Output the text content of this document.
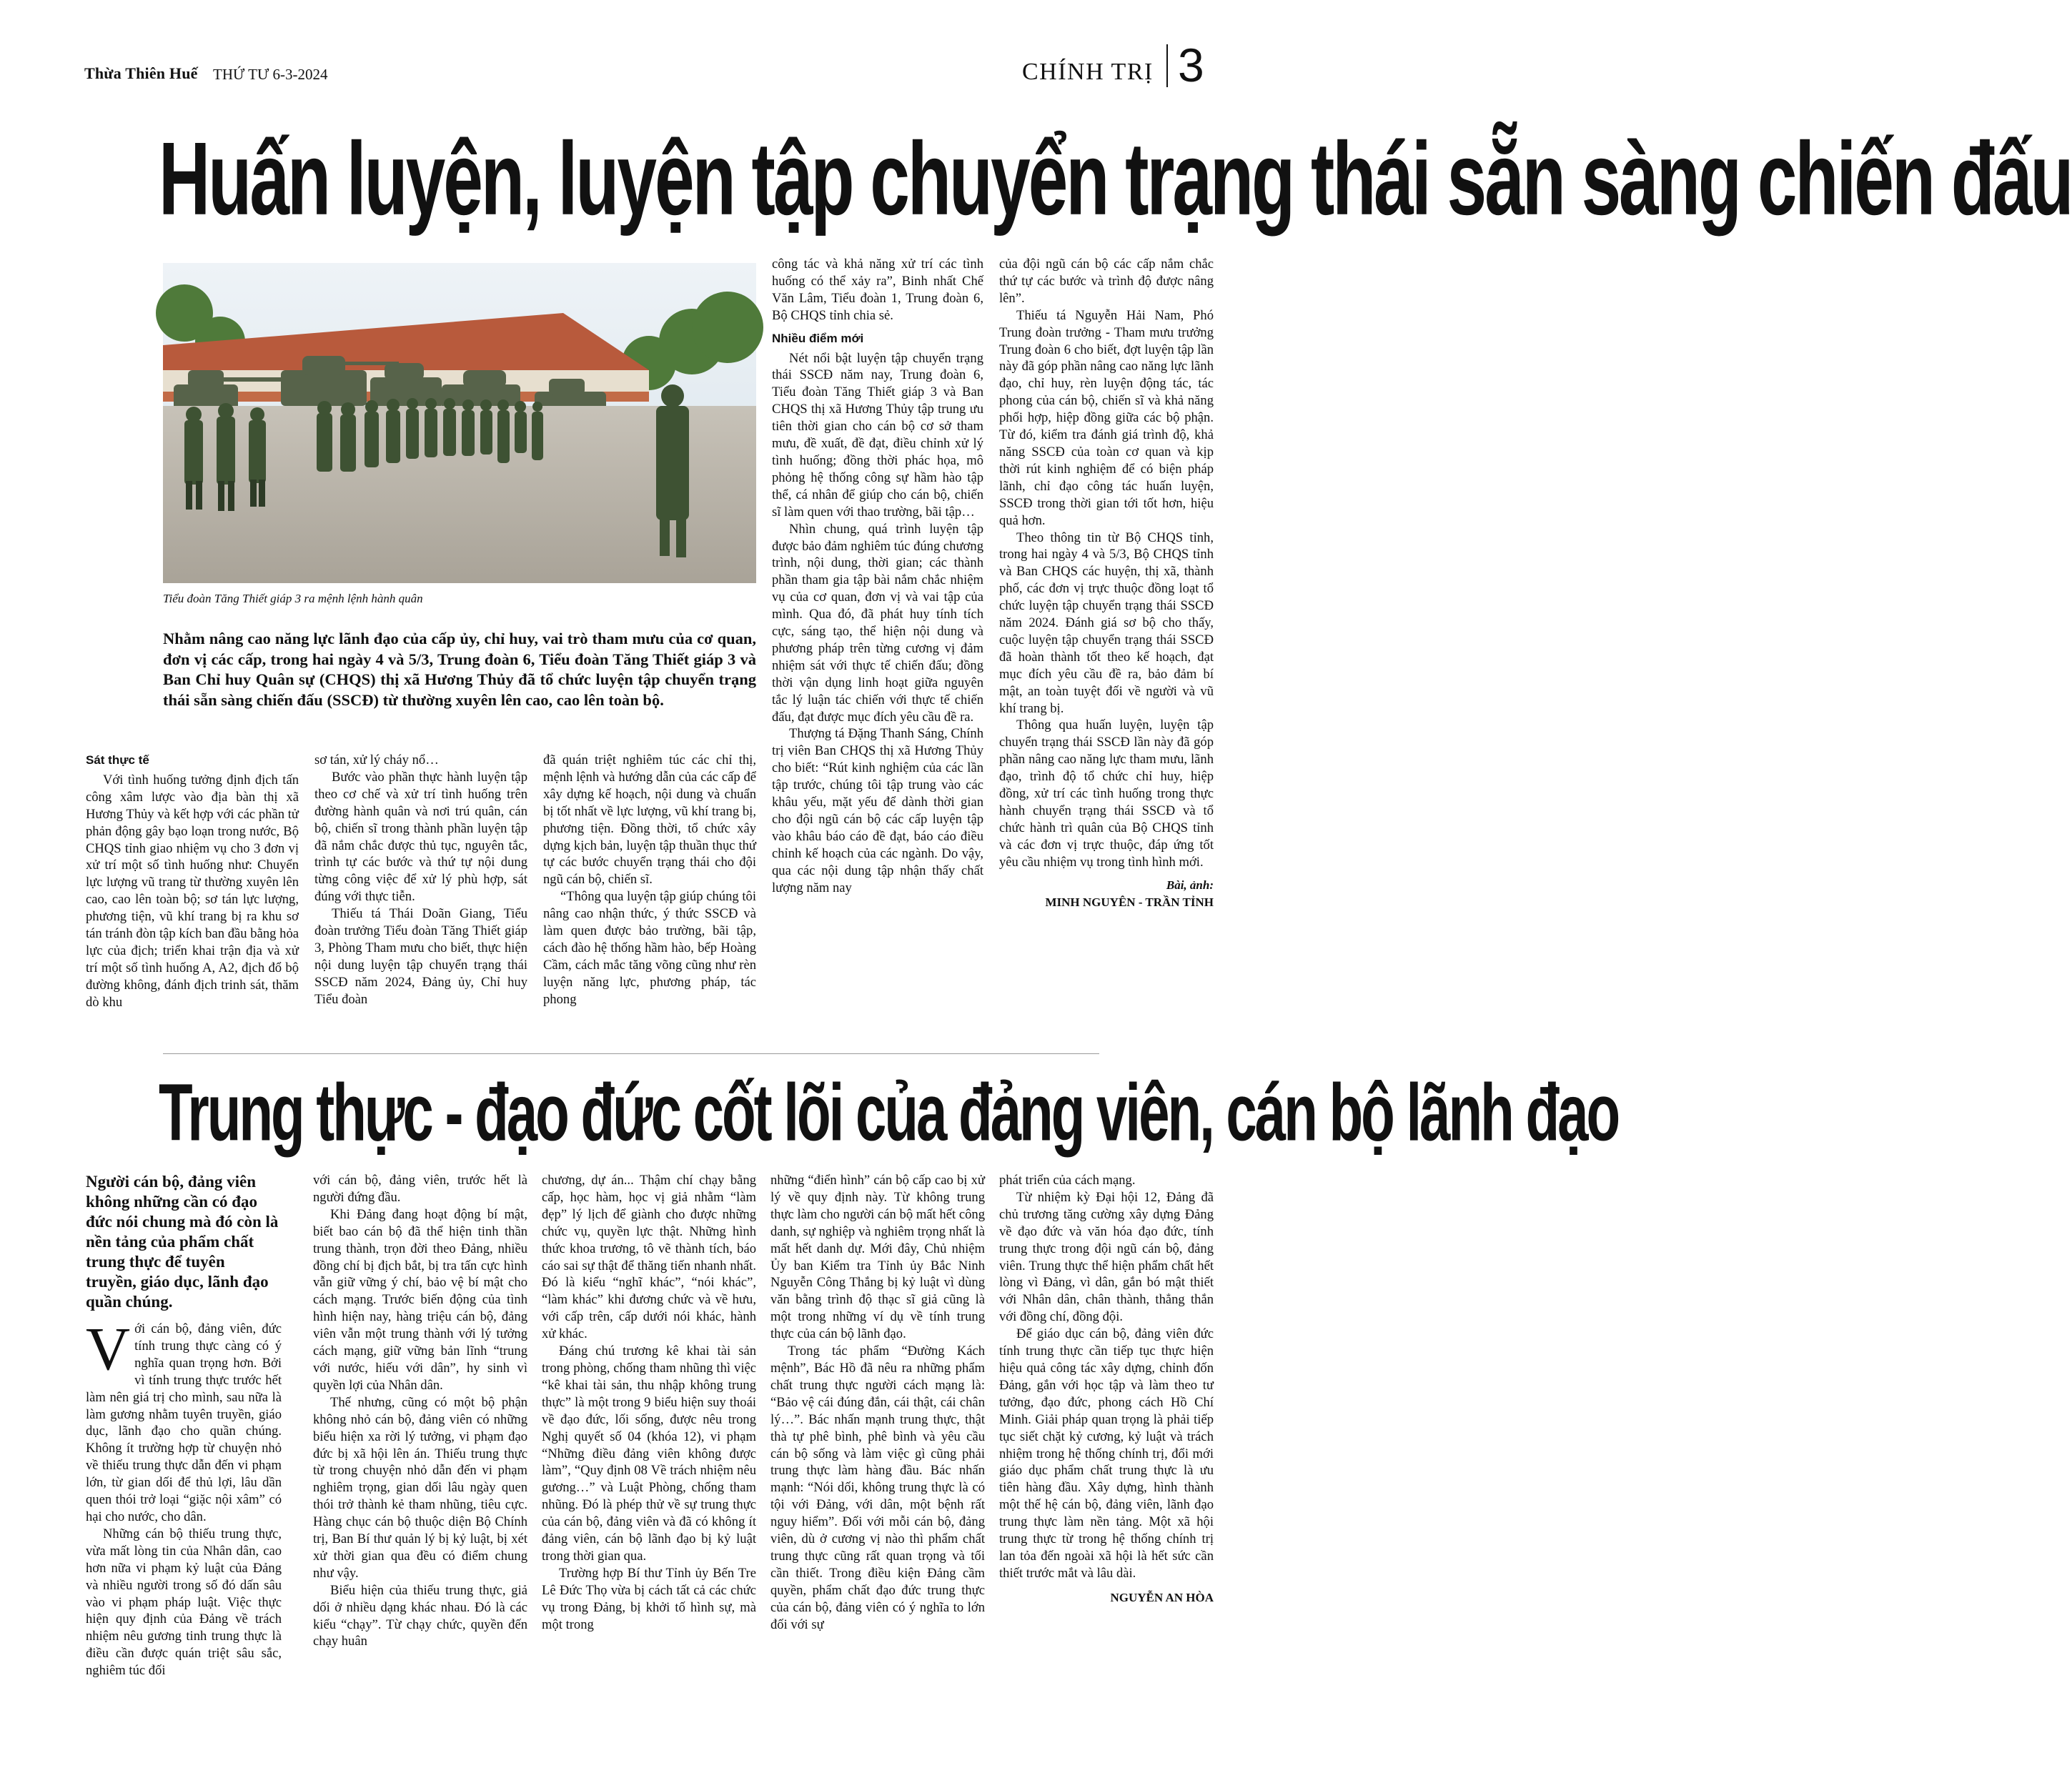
Thừa Thiên Huế THỨ TƯ 6-3-2024	CHÍNH TRỊ 3
Huấn luyện, luyện tập chuyển trạng thái sẵn sàng chiến đấu
Tiểu đoàn Tăng Thiết giáp 3 ra mệnh lệnh hành quân
Nhằm nâng cao năng lực lãnh đạo của cấp ủy, chỉ huy, vai trò tham mưu của cơ quan, đơn vị các cấp, trong hai ngày 4 và 5/3, Trung đoàn 6, Tiểu đoàn Tăng Thiết giáp 3 và Ban Chỉ huy Quân sự (CHQS) thị xã Hương Thủy đã tổ chức luyện tập chuyển trạng thái sẵn sàng chiến đấu (SSCĐ) từ thường xuyên lên cao, cao lên toàn bộ.
Sát thực tế

Với tình huống tưởng định địch tấn công xâm lược vào địa bàn thị xã Hương Thủy và kết hợp với các phần tử phản động gây bạo loạn trong nước, Bộ CHQS tỉnh giao nhiệm vụ cho 3 đơn vị xử trí một số tình huống như: Chuyển lực lượng vũ trang từ thường xuyên lên cao, cao lên toàn bộ; sơ tán lực lượng, phương tiện, vũ khí trang bị ra khu sơ tán tránh đòn tập kích ban đầu bằng hỏa lực của địch; triển khai trận địa và xử trí một số tình huống A, A2, địch đổ bộ đường không, đánh địch trinh sát, thăm dò khu

sơ tán, xử lý cháy nổ…

Bước vào phần thực hành luyện tập theo cơ chế và xử trí tình huống trên đường hành quân và nơi trú quân, cán bộ, chiến sĩ trong thành phần luyện tập đã nắm chắc được thủ tục, nguyên tắc, trình tự các bước và thứ tự nội dung từng công việc để xử lý phù hợp, sát đúng với thực tiễn.

Thiếu tá Thái Doãn Giang, Tiểu đoàn trưởng Tiểu đoàn Tăng Thiết giáp 3, Phòng Tham mưu cho biết, thực hiện nội dung luyện tập chuyển trạng thái SSCĐ năm 2024, Đảng ủy, Chỉ huy Tiểu đoàn

đã quán triệt nghiêm túc các chỉ thị, mệnh lệnh và hướng dẫn của các cấp để xây dựng kế hoạch, nội dung và chuẩn bị tốt nhất về lực lượng, vũ khí trang bị, phương tiện. Đồng thời, tổ chức xây dựng kịch bản, luyện tập thuần thục thứ tự các bước chuyển trạng thái cho đội ngũ cán bộ, chiến sĩ.

“Thông qua luyện tập giúp chúng tôi nâng cao nhận thức, ý thức SSCĐ và làm quen được bảo trường, bãi tập, cách đào hệ thống hầm hào, bếp Hoàng Cầm, cách mắc tăng võng cũng như rèn luyện năng lực, phương pháp, tác phong

công tác và khả năng xử trí các tình huống có thể xảy ra”, Binh nhất Chế Văn Lâm, Tiểu đoàn 1, Trung đoàn 6, Bộ CHQS tỉnh chia sẻ.

Nhiều điểm mới

Nét nổi bật luyện tập chuyển trạng thái SSCĐ năm nay, Trung đoàn 6, Tiểu đoàn Tăng Thiết giáp 3 và Ban CHQS thị xã Hương Thủy tập trung ưu tiên thời gian cho cán bộ cơ sở tham mưu, đề xuất, đề đạt, điều chỉnh xử lý tình huống; đồng thời phác họa, mô phỏng hệ thống công sự hầm hào tập thể, cá nhân để giúp cho cán bộ, chiến sĩ làm quen với thao trường, bãi tập…

Nhìn chung, quá trình luyện tập được bảo đảm nghiêm túc đúng chương trình, nội dung, thời gian; các thành phần tham gia tập bài nắm chắc nhiệm vụ của cơ quan, đơn vị và vai tập của mình. Qua đó, đã phát huy tính tích cực, sáng tạo, thể hiện nội dung và phương pháp trên từng cương vị đảm nhiệm sát với thực tế chiến đấu; đồng thời vận dụng linh hoạt giữa nguyên tắc lý luận tác chiến với thực tế chiến đấu, đạt được mục đích yêu cầu đề ra.

Thượng tá Đặng Thanh Sáng, Chính trị viên Ban CHQS thị xã Hương Thủy cho biết: “Rút kinh nghiệm của các lần tập trước, chúng tôi tập trung vào các khâu yếu, mặt yếu để dành thời gian cho đội ngũ cán bộ các cấp luyện tập vào khâu báo cáo đề đạt, báo cáo điều chỉnh kế hoạch của các ngành. Do vậy, qua các nội dung tập nhận thấy chất lượng năm nay

của đội ngũ cán bộ các cấp nắm chắc thứ tự các bước và trình độ được nâng lên”.

Thiếu tá Nguyễn Hải Nam, Phó Trung đoàn trưởng - Tham mưu trưởng Trung đoàn 6 cho biết, đợt luyện tập lần này đã góp phần nâng cao năng lực lãnh đạo, chỉ huy, rèn luyện động tác, tác phong của cán bộ, chiến sĩ và khả năng phối hợp, hiệp đồng giữa các bộ phận. Từ đó, kiểm tra đánh giá trình độ, khả năng SSCĐ của toàn cơ quan và kịp thời rút kinh nghiệm để có biện pháp lãnh, chỉ đạo công tác huấn luyện, SSCĐ trong thời gian tới tốt hơn, hiệu quả hơn.

Theo thông tin từ Bộ CHQS tỉnh, trong hai ngày 4 và 5/3, Bộ CHQS tỉnh và Ban CHQS các huyện, thị xã, thành phố, các đơn vị trực thuộc đồng loạt tổ chức luyện tập chuyển trạng thái SSCĐ năm 2024. Đánh giá sơ bộ cho thấy, cuộc luyện tập chuyển trạng thái SSCĐ đã hoàn thành tốt theo kế hoạch, đạt mục đích yêu cầu đề ra, bảo đảm bí mật, an toàn tuyệt đối về người và vũ khí trang bị.

Thông qua huấn luyện, luyện tập chuyển trạng thái SSCĐ lần này đã góp phần nâng cao năng lực tham mưu, lãnh đạo, trình độ tổ chức chỉ huy, hiệp đồng, xử trí các tình huống trong thực hành chuyển trạng thái SSCĐ và tổ chức hành trì quân của Bộ CHQS tỉnh và các đơn vị trực thuộc, đáp ứng tốt yêu cầu nhiệm vụ trong tình hình mới.

Bài, ảnh:
MINH NGUYÊN - TRẦN TỈNH
Trung thực - đạo đức cốt lõi của đảng viên, cán bộ lãnh đạo
Người cán bộ, đảng viên không những cần có đạo đức nói chung mà đó còn là nền tảng của phẩm chất trung thực để tuyên truyền, giáo dục, lãnh đạo quần chúng.

Với cán bộ, đảng viên, đức tính trung thực càng có ý nghĩa quan trọng hơn. Bởi vì tính trung thực trước hết làm nên giá trị cho mình, sau nữa là làm gương nhằm tuyên truyền, giáo dục, lãnh đạo cho quần chúng. Không ít trường hợp từ chuyện nhỏ về thiếu trung thực dẫn đến vi phạm lớn, từ gian dối để thủ lợi, lâu dần quen thói trở loại “giặc nội xâm” có hại cho nước, cho dân.

Những cán bộ thiếu trung thực, vừa mất lòng tin của Nhân dân, cao hơn nữa vi phạm kỷ luật của Đảng và nhiều người trong số đó dấn sâu vào vi phạm pháp luật. Việc thực hiện quy định của Đảng về trách nhiệm nêu gương tinh trung thực là điều cần được quán triệt sâu sắc, nghiêm túc đối

với cán bộ, đảng viên, trước hết là người đứng đầu.

Khi Đảng đang hoạt động bí mật, biết bao cán bộ đã thể hiện tinh thần trung thành, trọn đời theo Đảng, nhiều đồng chí bị địch bắt, bị tra tấn cực hình vẫn giữ vững ý chí, bảo vệ bí mật cho cách mạng. Trước biến động của tình hình hiện nay, hàng triệu cán bộ, đảng viên vẫn một trung thành với lý tưởng cách mạng, giữ vững bản lĩnh “trung với nước, hiếu với dân”, hy sinh vì quyền lợi của Nhân dân.

Thế nhưng, cũng có một bộ phận không nhỏ cán bộ, đảng viên có những biểu hiện xa rời lý tưởng, vi phạm đạo đức bị xã hội lên án. Thiếu trung thực từ trong chuyện nhỏ dẫn đến vi phạm nghiêm trọng, gian dối lâu ngày quen thói trở thành kẻ tham nhũng, tiêu cực. Hàng chục cán bộ thuộc diện Bộ Chính trị, Ban Bí thư quản lý bị kỷ luật, bị xét xử thời gian qua đều có điểm chung như vậy.

Biểu hiện của thiếu trung thực, giả dối ở nhiều dạng khác nhau. Đó là các kiểu “chạy”. Từ chạy chức, quyền đến chạy huân

chương, dự án... Thậm chí chạy bằng cấp, học hàm, học vị giả nhằm “làm đẹp” lý lịch để giành cho được những chức vụ, quyền lực thật. Những hình thức khoa trương, tô vẽ thành tích, báo cáo sai sự thật để thăng tiến nhanh nhất. Đó là kiểu “nghĩ khác”, “nói khác”, “làm khác” khi đương chức và về hưu, với cấp trên, cấp dưới nói khác, hành xử khác.

Đáng chú trương kê khai tài sản trong phòng, chống tham nhũng thì việc “kê khai tài sản, thu nhập không trung thực” là một trong 9 biểu hiện suy thoái về đạo đức, lối sống, được nêu trong Nghị quyết số 04 (khóa 12), vi phạm “Những điều đảng viên không được làm”, “Quy định 08 Về trách nhiệm nêu gương…” và Luật Phòng, chống tham nhũng. Đó là phép thử về sự trung thực của cán bộ, đảng viên và đã có không ít đảng viên, cán bộ lãnh đạo bị kỷ luật trong thời gian qua.

Trường hợp Bí thư Tỉnh ủy Bến Tre Lê Đức Thọ vừa bị cách tất cả các chức vụ trong Đảng, bị khởi tố hình sự, mà một trong

những “điển hình” cán bộ cấp cao bị xử lý về quy định này. Từ không trung thực làm cho người cán bộ mất hết công danh, sự nghiệp và nghiêm trọng nhất là mất hết danh dự. Mới đây, Chủ nhiệm Ủy ban Kiểm tra Tỉnh ủy Bắc Ninh Nguyễn Công Thắng bị kỷ luật vì dùng văn bằng trình độ thạc sĩ giả cũng là một trong những ví dụ về tính trung thực của cán bộ lãnh đạo.

Trong tác phẩm “Đường Kách mệnh”, Bác Hồ đã nêu ra những phẩm chất trung thực người cách mạng là: “Bảo vệ cái đúng đắn, cái thật, cái chân lý…”. Bác nhấn mạnh trung thực, thật thà tự phê bình, phê bình và yêu cầu cán bộ sống và làm việc gì cũng phải trung thực làm hàng đầu. Bác nhấn mạnh: “Nói dối, không trung thực là có tội với Đảng, với dân, một bệnh rất nguy hiểm”. Đối với mỗi cán bộ, đảng viên, dù ở cương vị nào thì phẩm chất trung thực cũng rất quan trọng và tối cần thiết. Trong điều kiện Đảng cầm quyền, phẩm chất đạo đức trung thực của cán bộ, đảng viên có ý nghĩa to lớn đối với sự

phát triển của cách mạng.

Từ nhiệm kỳ Đại hội 12, Đảng đã chủ trương tăng cường xây dựng Đảng về đạo đức và văn hóa đạo đức, tính trung thực trong đội ngũ cán bộ, đảng viên. Trung thực thể hiện phẩm chất hết lòng vì Đảng, vì dân, gắn bó mật thiết với Nhân dân, chân thành, thẳng thắn với đồng chí, đồng đội.

Để giáo dục cán bộ, đảng viên đức tính trung thực cần tiếp tục thực hiện hiệu quả công tác xây dựng, chỉnh đốn Đảng, gắn với học tập và làm theo tư tưởng, đạo đức, phong cách Hồ Chí Minh. Giải pháp quan trọng là phải tiếp tục siết chặt kỷ cương, kỷ luật và trách nhiệm trong hệ thống chính trị, đổi mới giáo dục phẩm chất trung thực là ưu tiên hàng đầu. Xây dựng, hình thành một thế hệ cán bộ, đảng viên, lãnh đạo trung thực làm nền tảng. Một xã hội trung thực từ trong hệ thống chính trị lan tỏa đến ngoài xã hội là hết sức cần thiết trước mắt và lâu dài.

NGUYỄN AN HÒA
